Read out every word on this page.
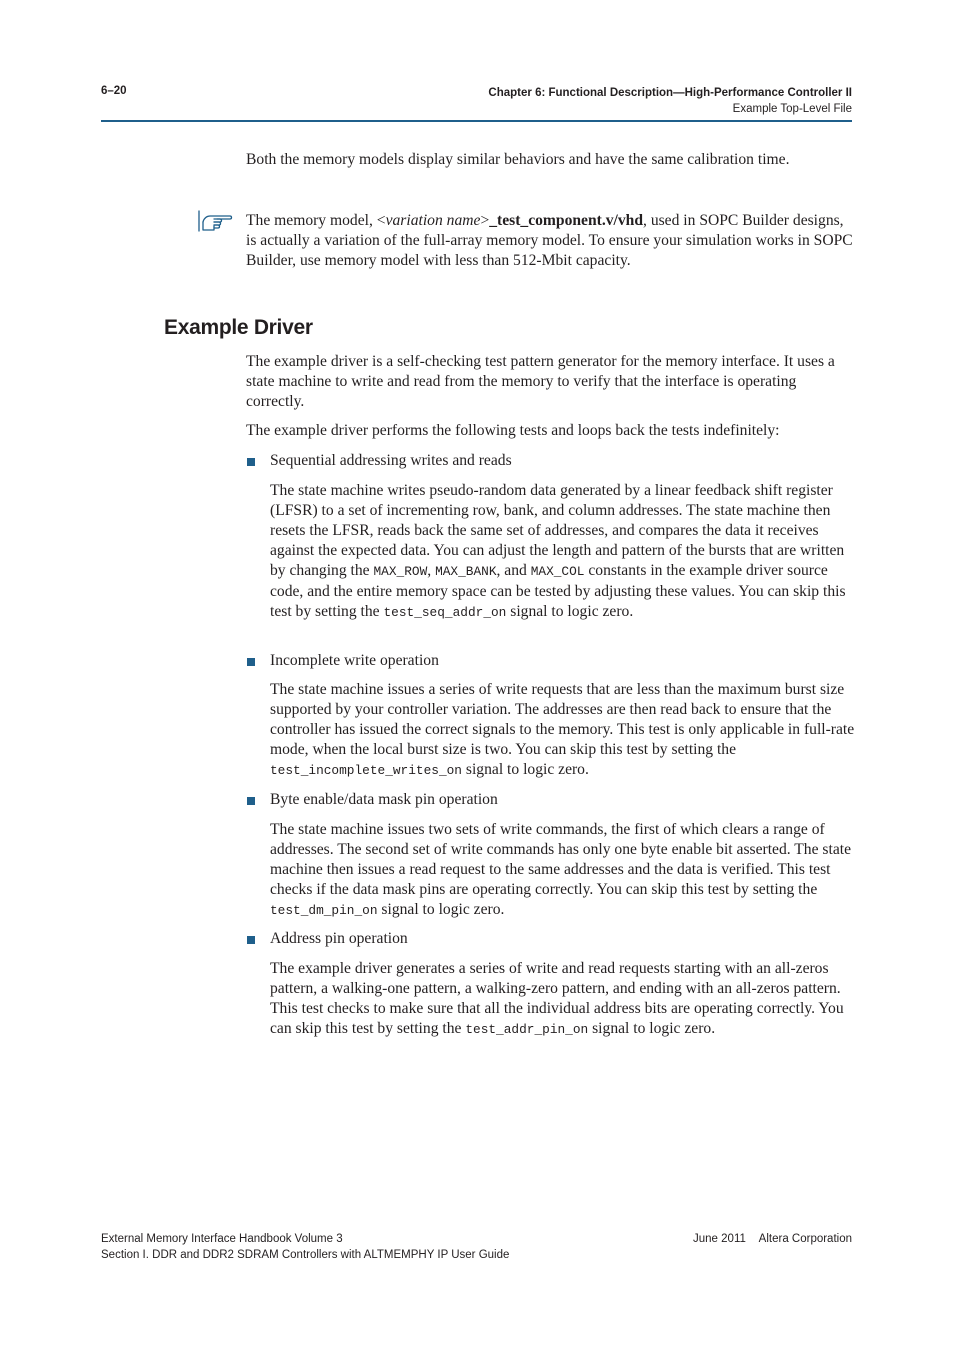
6–20	Chapter 6: Functional Description—High-Performance Controller II
Example Top-Level File

Both the memory models display similar behaviors and have the same calibration time.

The memory model, <variation name>_test_component.v/vhd, used in SOPC Builder designs, is actually a variation of the full-array memory model. To ensure your simulation works in SOPC Builder, use memory model with less than 512-Mbit capacity.

Example Driver

The example driver is a self-checking test pattern generator for the memory interface. It uses a state machine to write and read from the memory to verify that the interface is operating correctly.

The example driver performs the following tests and loops back the tests indefinitely:

Sequential addressing writes and reads

The state machine writes pseudo-random data generated by a linear feedback shift register (LFSR) to a set of incrementing row, bank, and column addresses. The state machine then resets the LFSR, reads back the same set of addresses, and compares the data it receives against the expected data. You can adjust the length and pattern of the bursts that are written by changing the MAX_ROW, MAX_BANK, and MAX_COL constants in the example driver source code, and the entire memory space can be tested by adjusting these values. You can skip this test by setting the test_seq_addr_on signal to logic zero.

Incomplete write operation

The state machine issues a series of write requests that are less than the maximum burst size supported by your controller variation. The addresses are then read back to ensure that the controller has issued the correct signals to the memory. This test is only applicable in full-rate mode, when the local burst size is two. You can skip this test by setting the test_incomplete_writes_on signal to logic zero.

Byte enable/data mask pin operation

The state machine issues two sets of write commands, the first of which clears a range of addresses. The second set of write commands has only one byte enable bit asserted. The state machine then issues a read request to the same addresses and the data is verified. This test checks if the data mask pins are operating correctly. You can skip this test by setting the test_dm_pin_on signal to logic zero.

Address pin operation

The example driver generates a series of write and read requests starting with an all-zeros pattern, a walking-one pattern, a walking-zero pattern, and ending with an all-zeros pattern. This test checks to make sure that all the individual address bits are operating correctly. You can skip this test by setting the test_addr_pin_on signal to logic zero.

External Memory Interface Handbook Volume 3
Section I. DDR and DDR2 SDRAM Controllers with ALTMEMPHY IP User Guide
June 2011 Altera Corporation
